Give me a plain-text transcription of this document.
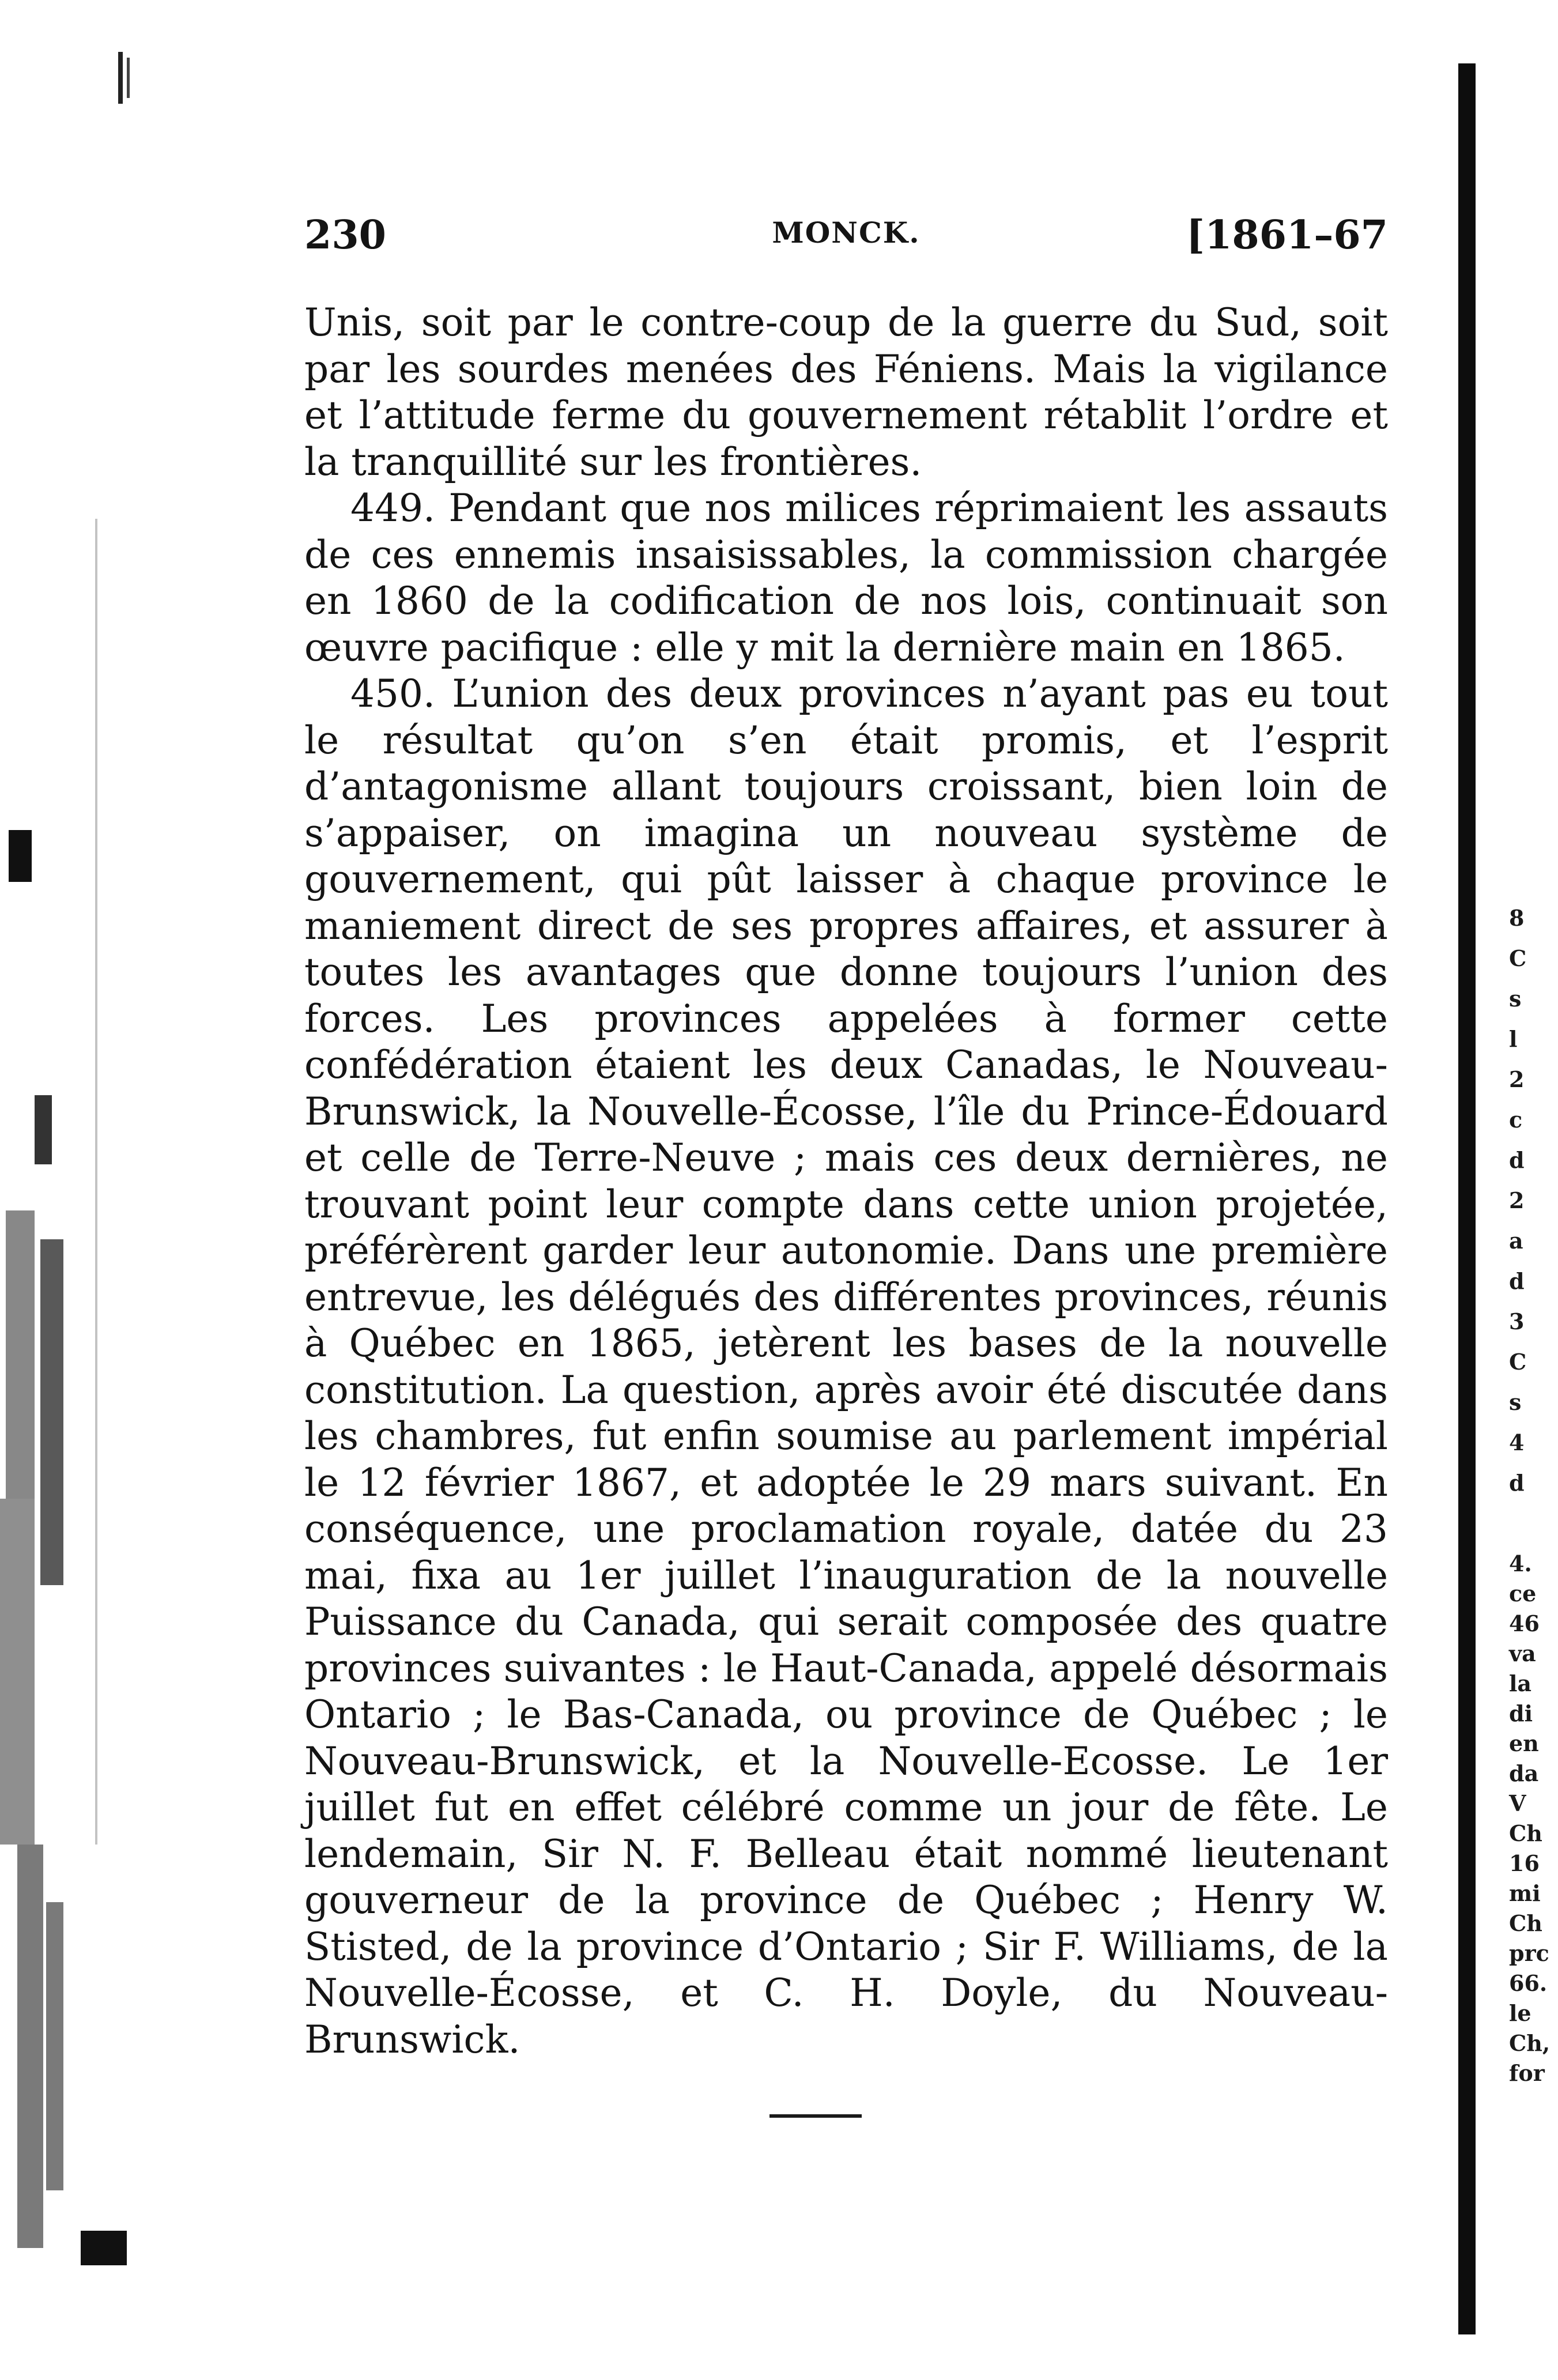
230	MONCK.	[1861–67

Unis, soit par le contre-coup de la guerre du Sud, soit par les sourdes menées des Féniens. Mais la vigilance et l’attitude ferme du gouvernement rétablit l’ordre et la tranquillité sur les frontières.

449. Pendant que nos milices réprimaient les assauts de ces ennemis insaisissables, la commission chargée en 1860 de la codification de nos lois, continuait son œuvre pacifique : elle y mit la dernière main en 1865.

450. L’union des deux provinces n’ayant pas eu tout le résultat qu’on s’en était promis, et l’esprit d’antagonisme allant toujours croissant, bien loin de s’appaiser, on imagina un nouveau système de gouvernement, qui pût laisser à chaque province le maniement direct de ses propres affaires, et assurer à toutes les avantages que donne toujours l’union des forces. Les provinces appelées à former cette confédération étaient les deux Canadas, le Nouveau-Brunswick, la Nouvelle-Écosse, l’île du Prince-Édouard et celle de Terre-Neuve ; mais ces deux dernières, ne trouvant point leur compte dans cette union projetée, préférèrent garder leur autonomie. Dans une première entrevue, les délégués des différentes provinces, réunis à Québec en 1865, jetèrent les bases de la nouvelle constitution. La question, après avoir été discutée dans les chambres, fut enfin soumise au parlement impérial le 12 février 1867, et adoptée le 29 mars suivant. En conséquence, une proclamation royale, datée du 23 mai, fixa au 1er juillet l’inauguration de la nouvelle Puissance du Canada, qui serait composée des quatre provinces suivantes : le Haut-Canada, appelé désormais Ontario ; le Bas-Canada, ou province de Québec ; le Nouveau-Brunswick, et la Nouvelle-Ecosse. Le 1er juillet fut en effet célébré comme un jour de fête. Le lendemain, Sir N. F. Belleau était nommé lieutenant gouverneur de la province de Québec ; Henry W. Stisted, de la province d’Ontario ; Sir F. Williams, de la Nouvelle-Écosse, et C. H. Doyle, du Nouveau-Brunswick.

8
C
s
l
2
c
d
2
a
d
3
C
s
4
d
4.
ce
46
va
la
di
en
da
V
Ch
16
mi
Ch
prc
66.
le
Ch,
for
